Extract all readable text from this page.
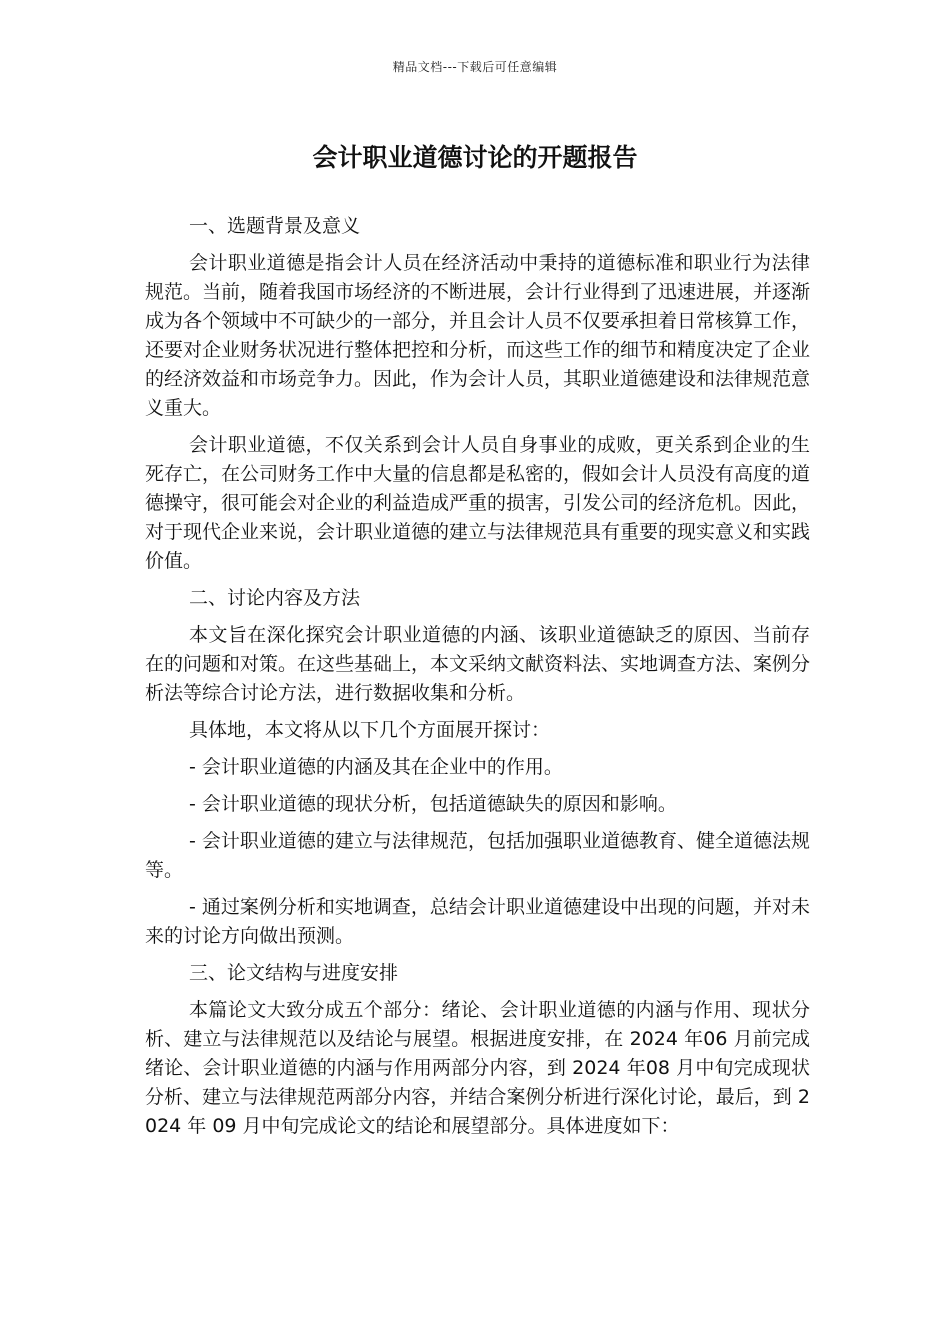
精品文档---下载后可任意编辑
会计职业道德讨论的开题报告

一、选题背景及意义

会计职业道德是指会计人员在经济活动中秉持的道德标准和职业行为法律规范。当前，随着我国市场经济的不断进展，会计行业得到了迅速进展，并逐渐成为各个领域中不可缺少的一部分，并且会计人员不仅要承担着日常核算工作，还要对企业财务状况进行整体把控和分析，而这些工作的细节和精度决定了企业的经济效益和市场竞争力。因此，作为会计人员，其职业道德建设和法律规范意义重大。

会计职业道德，不仅关系到会计人员自身事业的成败，更关系到企业的生死存亡，在公司财务工作中大量的信息都是私密的，假如会计人员没有高度的道德操守，很可能会对企业的利益造成严重的损害，引发公司的经济危机。因此，对于现代企业来说，会计职业道德的建立与法律规范具有重要的现实意义和实践价值。

二、讨论内容及方法

本文旨在深化探究会计职业道德的内涵、该职业道德缺乏的原因、当前存在的问题和对策。在这些基础上，本文采纳文献资料法、实地调查方法、案例分析法等综合讨论方法，进行数据收集和分析。

具体地，本文将从以下几个方面展开探讨：

- 会计职业道德的内涵及其在企业中的作用。

- 会计职业道德的现状分析，包括道德缺失的原因和影响。

- 会计职业道德的建立与法律规范，包括加强职业道德教育、健全道德法规等。

- 通过案例分析和实地调查，总结会计职业道德建设中出现的问题，并对未来的讨论方向做出预测。

三、论文结构与进度安排

本篇论文大致分成五个部分：绪论、会计职业道德的内涵与作用、现状分析、建立与法律规范以及结论与展望。根据进度安排，在 2024 年06 月前完成绪论、会计职业道德的内涵与作用两部分内容，到 2024 年08 月中旬完成现状分析、建立与法律规范两部分内容，并结合案例分析进行深化讨论，最后，到 2024 年 09 月中旬完成论文的结论和展望部分。具体进度如下：
